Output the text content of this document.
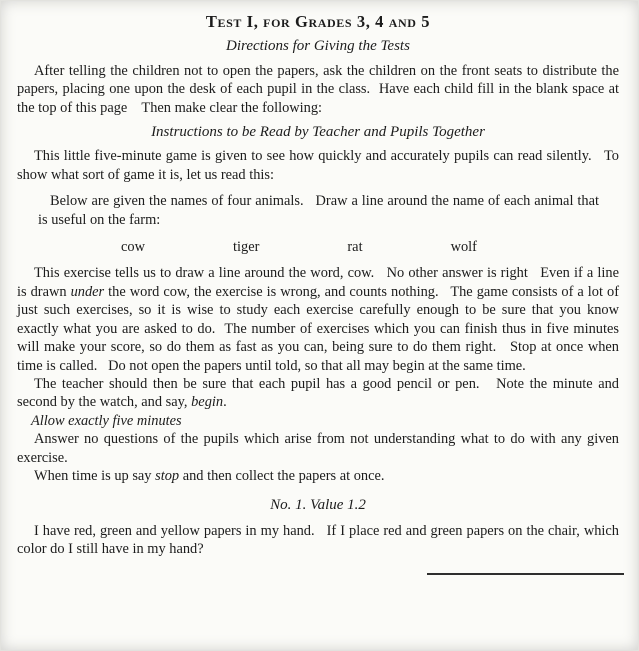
Test I, for Grades 3, 4 and 5
Directions for Giving the Tests

After telling the children not to open the papers, ask the children on the front seats to distribute the papers, placing one upon the desk of each pupil in the class.  Have each child fill in the blank space at the top of this page    Then make clear the following:

Instructions to be Read by Teacher and Pupils Together

This little five-minute game is given to see how quickly and accurately pupils can read silently.   To show what sort of game it is, let us read this:

Below are given the names of four animals.   Draw a line around the name of each animal that is useful on the farm:

cow	tiger	rat	wolf

This exercise tells us to draw a line around the word, cow.   No other answer is right   Even if a line is drawn under the word cow, the exercise is wrong, and counts nothing.   The game consists of a lot of just such exercises, so it is wise to study each exercise carefully enough to be sure that you know exactly what you are asked to do.  The number of exercises which you can finish thus in five minutes will make your score, so do them as fast as you can, being sure to do them right.   Stop at once when time is called.   Do not open the papers until told, so that all may begin at the same time.

The teacher should then be sure that each pupil has a good pencil or pen.   Note the minute and second by the watch, and say, begin.

Allow exactly five minutes

Answer no questions of the pupils which arise from not understanding what to do with any given exercise.

When time is up say stop and then collect the papers at once.

No. 1. Value 1.2

I have red, green and yellow papers in my hand.   If I place red and green papers on the chair, which color do I still have in my hand?
